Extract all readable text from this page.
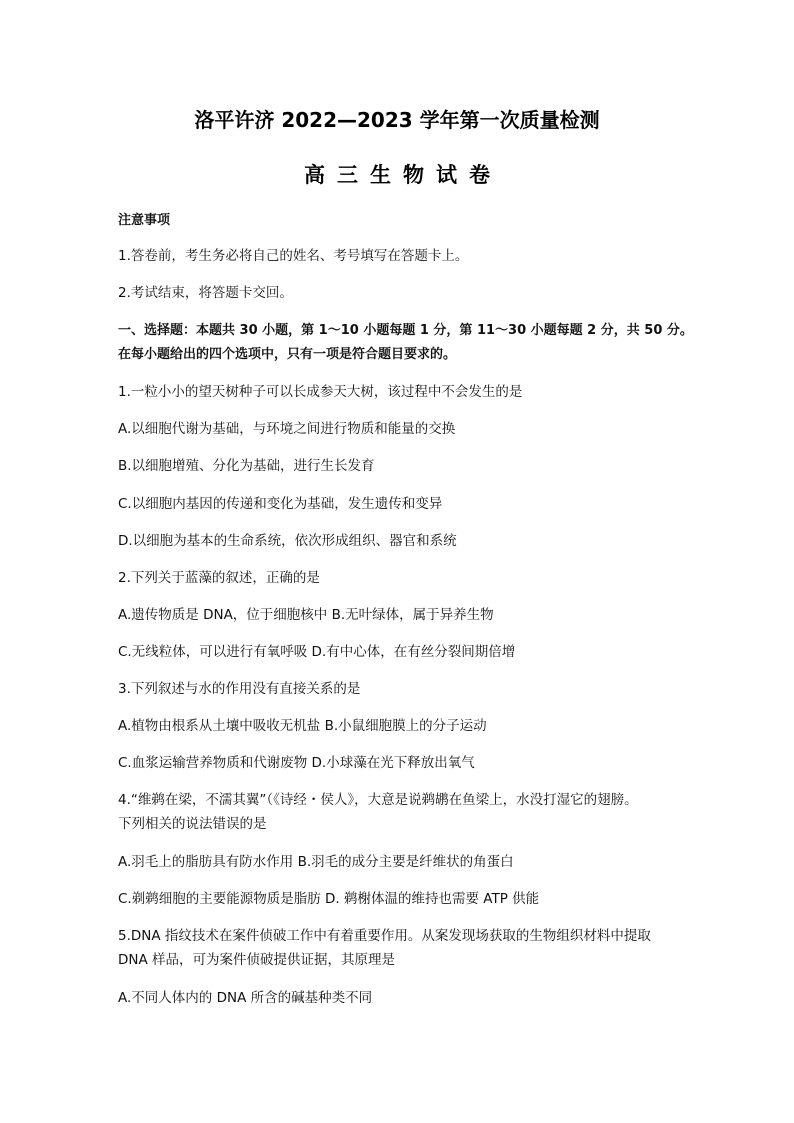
洛平许济 2022—2023 学年第一次质量检测
高三生物试卷
注意事项
1.答卷前，考生务必将自己的姓名、考号填写在答题卡上。
2.考试结束，将答题卡交回。
一、选择题：本题共 30 小题，第 1～10 小题每题 1 分，第 11～30 小题每题 2 分，共 50 分。
在每小题给出的四个选项中，只有一项是符合题目要求的。
1.一粒小小的望天树种子可以长成参天大树，该过程中不会发生的是
A.以细胞代谢为基础，与环境之间进行物质和能量的交换
B.以细胞增殖、分化为基础，进行生长发育
C.以细胞内基因的传递和变化为基础，发生遗传和变异
D.以细胞为基本的生命系统，依次形成组织、器官和系统
2.下列关于蓝藻的叙述，正确的是
A.遗传物质是 DNA，位于细胞核中 B.无叶绿体，属于异养生物
C.无线粒体，可以进行有氧呼吸 D.有中心体，在有丝分裂间期倍增
3.下列叙述与水的作用没有直接关系的是
A.植物由根系从土壤中吸收无机盐 B.小鼠细胞膜上的分子运动
C.血浆运输营养物质和代谢废物 D.小球藻在光下释放出氧气
4.“维鹈在梁，不濡其翼”（《诗经・侯人》，大意是说鹈鹕在鱼梁上，水没打湿它的翅膀。
下列相关的说法错误的是
A.羽毛上的脂肪具有防水作用 B.羽毛的成分主要是纤维状的角蛋白
C.剃鹈细胞的主要能源物质是脂肪 D. 鹈榭体温的维持也需要 ATP 供能
5.DNA 指纹技术在案件侦破工作中有着重要作用。从案发现场获取的生物组织材料中提取
DNA 样品，可为案件侦破提供证据，其原理是
A.不同人体内的 DNA 所含的碱基种类不同
